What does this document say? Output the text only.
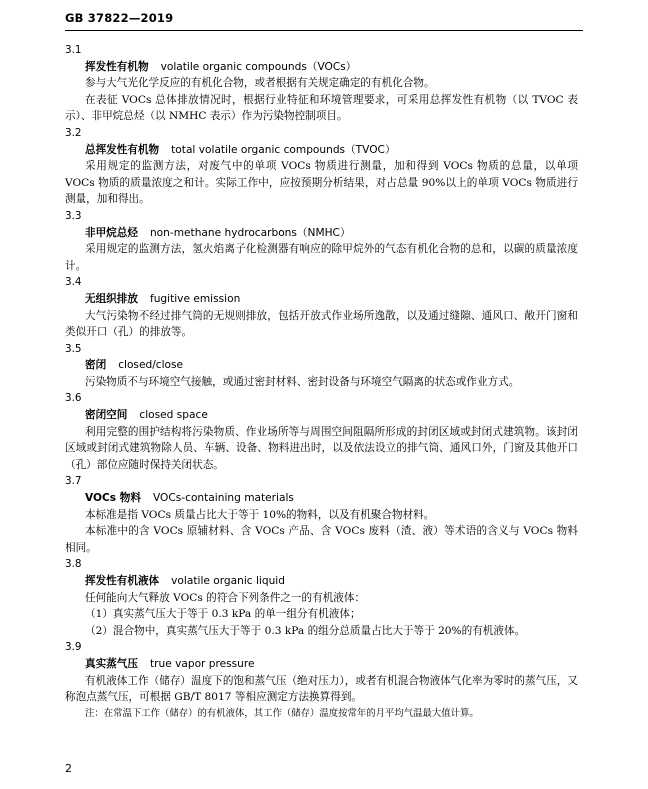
GB 37822—2019

3.1

挥发性有机物 volatile organic compounds（VOCs）

参与大气光化学反应的有机化合物，或者根据有关规定确定的有机化合物。

在表征 VOCs 总体排放情况时，根据行业特征和环境管理要求，可采用总挥发性有机物（以 TVOC 表示）、非甲烷总烃（以 NMHC 表示）作为污染物控制项目。

3.2

总挥发性有机物 total volatile organic compounds（TVOC）

采用规定的监测方法，对废气中的单项 VOCs 物质进行测量，加和得到 VOCs 物质的总量，以单项 VOCs 物质的质量浓度之和计。实际工作中，应按预期分析结果，对占总量 90%以上的单项 VOCs 物质进行测量，加和得出。

3.3

非甲烷总烃 non-methane hydrocarbons（NMHC）

采用规定的监测方法，氢火焰离子化检测器有响应的除甲烷外的气态有机化合物的总和，以碳的质量浓度计。

3.4

无组织排放 fugitive emission

大气污染物不经过排气筒的无规则排放，包括开放式作业场所逸散，以及通过缝隙、通风口、敞开门窗和类似开口（孔）的排放等。

3.5

密闭 closed/close

污染物质不与环境空气接触，或通过密封材料、密封设备与环境空气隔离的状态或作业方式。

3.6

密闭空间 closed space

利用完整的围护结构将污染物质、作业场所等与周围空间阻隔所形成的封闭区域或封闭式建筑物。该封闭区域或封闭式建筑物除人员、车辆、设备、物料进出时，以及依法设立的排气筒、通风口外，门窗及其他开口（孔）部位应随时保持关闭状态。

3.7

VOCs 物料 VOCs-containing materials

本标准是指 VOCs 质量占比大于等于 10%的物料，以及有机聚合物材料。

本标准中的含 VOCs 原辅材料、含 VOCs 产品、含 VOCs 废料（渣、液）等术语的含义与 VOCs 物料相同。

3.8

挥发性有机液体 volatile organic liquid

任何能向大气释放 VOCs 的符合下列条件之一的有机液体：

（1）真实蒸气压大于等于 0.3 kPa 的单一组分有机液体；

（2）混合物中，真实蒸气压大于等于 0.3 kPa 的组分总质量占比大于等于 20%的有机液体。

3.9

真实蒸气压 true vapor pressure

有机液体工作（储存）温度下的饱和蒸气压（绝对压力），或者有机混合物液体气化率为零时的蒸气压，又称泡点蒸气压，可根据 GB/T 8017 等相应测定方法换算得到。

注：在常温下工作（储存）的有机液体，其工作（储存）温度按常年的月平均气温最大值计算。

2
